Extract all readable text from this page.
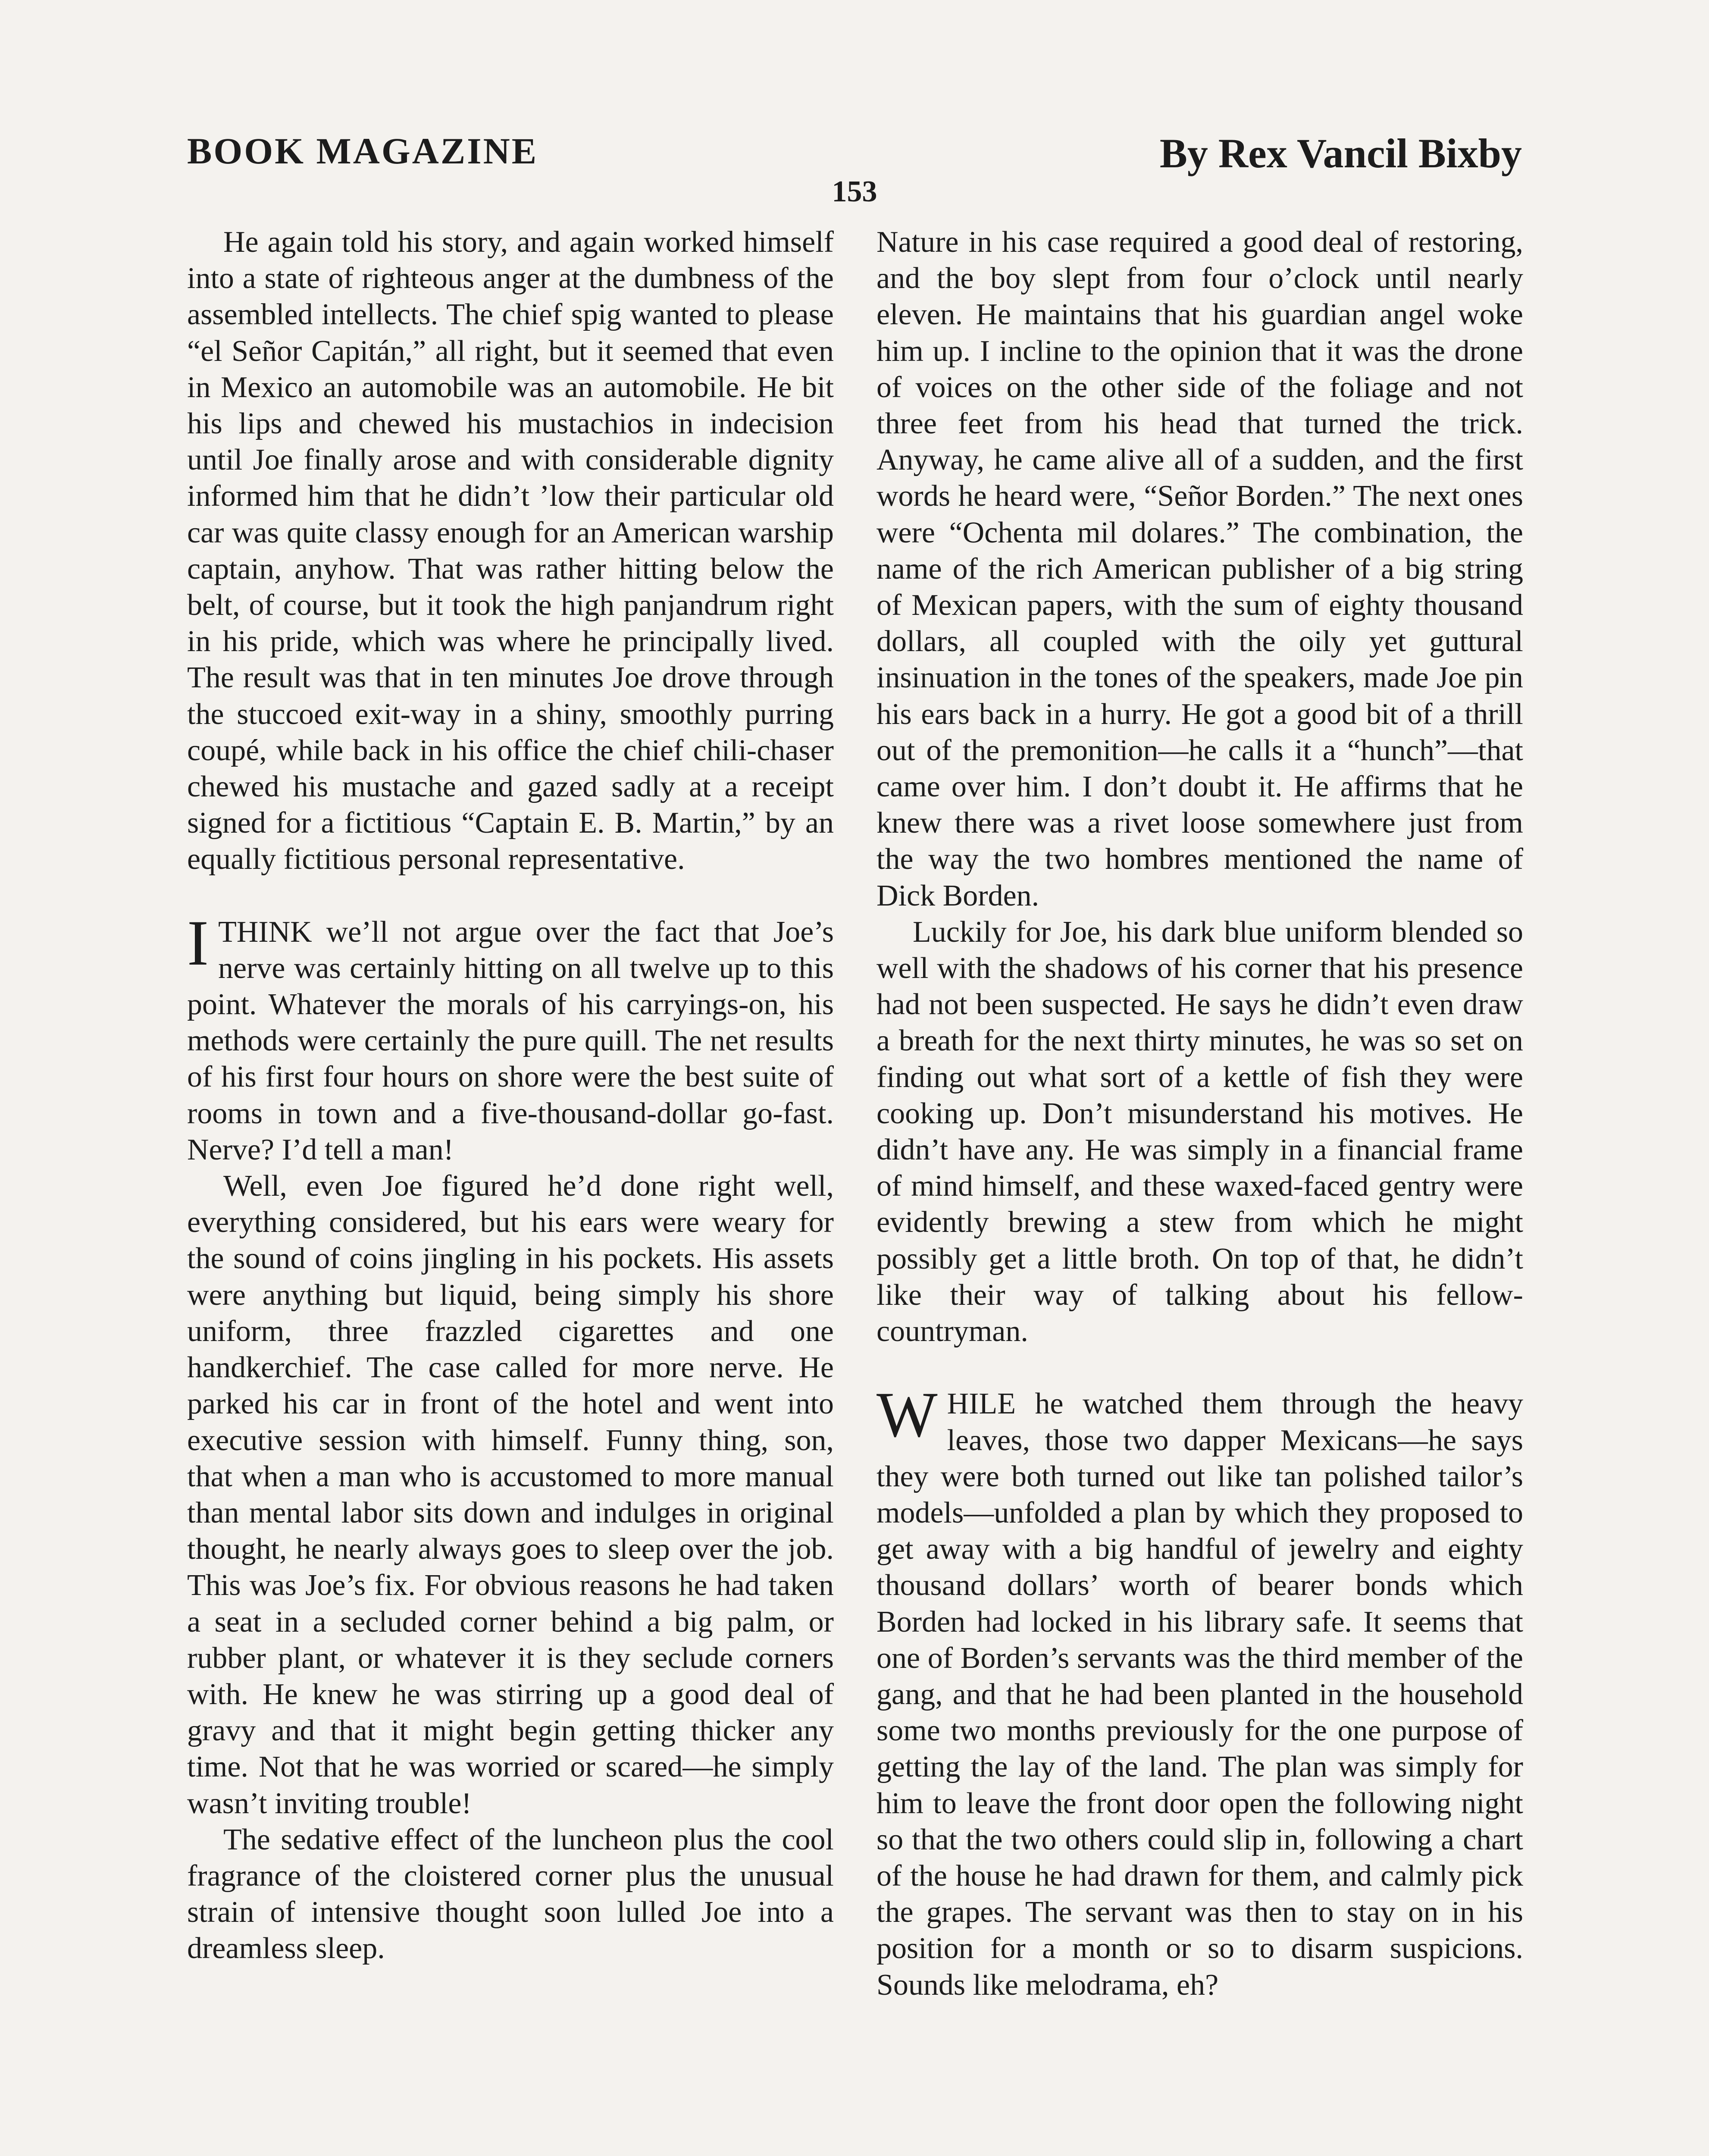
BOOK MAGAZINE	By Rex Vancil Bixby
153

He again told his story, and again worked himself into a state of righteous anger at the dumbness of the assembled intellects. The chief spig wanted to please “el Señor Capitán,” all right, but it seemed that even in Mexico an automobile was an automobile. He bit his lips and chewed his mustachios in indecision until Joe finally arose and with considerable dignity informed him that he didn’t ’low their particular old car was quite classy enough for an American warship captain, anyhow. That was rather hitting below the belt, of course, but it took the high panjandrum right in his pride, which was where he principally lived. The result was that in ten minutes Joe drove through the stuccoed exit-way in a shiny, smoothly purring coupé, while back in his office the chief chili-chaser chewed his mustache and gazed sadly at a receipt signed for a fictitious “Captain E. B. Martin,” by an equally fictitious personal representative.

ITHINK we’ll not argue over the fact that Joe’s nerve was certainly hitting on all twelve up to this point. Whatever the morals of his carryings-on, his methods were certainly the pure quill. The net results of his first four hours on shore were the best suite of rooms in town and a five-thousand-dollar go-fast. Nerve? I’d tell a man!

Well, even Joe figured he’d done right well, everything considered, but his ears were weary for the sound of coins jingling in his pockets. His assets were anything but liquid, being simply his shore uniform, three frazzled cigarettes and one handkerchief. The case called for more nerve. He parked his car in front of the hotel and went into executive session with himself. Funny thing, son, that when a man who is accustomed to more manual than mental labor sits down and indulges in original thought, he nearly always goes to sleep over the job. This was Joe’s fix. For obvious reasons he had taken a seat in a secluded corner behind a big palm, or rubber plant, or whatever it is they seclude corners with. He knew he was stirring up a good deal of gravy and that it might begin getting thicker any time. Not that he was worried or scared—he simply wasn’t inviting trouble!

The sedative effect of the luncheon plus the cool fragrance of the cloistered corner plus the unusual strain of intensive thought soon lulled Joe into a dreamless sleep.

Nature in his case required a good deal of restoring, and the boy slept from four o’clock until nearly eleven. He maintains that his guardian angel woke him up. I incline to the opinion that it was the drone of voices on the other side of the foliage and not three feet from his head that turned the trick. Anyway, he came alive all of a sudden, and the first words he heard were, “Señor Borden.” The next ones were “Ochenta mil dolares.” The combination, the name of the rich American publisher of a big string of Mexican papers, with the sum of eighty thousand dollars, all coupled with the oily yet guttural insinuation in the tones of the speakers, made Joe pin his ears back in a hurry. He got a good bit of a thrill out of the premonition—he calls it a “hunch”—that came over him. I don’t doubt it. He affirms that he knew there was a rivet loose somewhere just from the way the two hombres mentioned the name of Dick Borden.

Luckily for Joe, his dark blue uniform blended so well with the shadows of his corner that his presence had not been suspected. He says he didn’t even draw a breath for the next thirty minutes, he was so set on finding out what sort of a kettle of fish they were cooking up. Don’t misunderstand his motives. He didn’t have any. He was simply in a financial frame of mind himself, and these waxed-faced gentry were evidently brewing a stew from which he might possibly get a little broth. On top of that, he didn’t like their way of talking about his fellow-countryman.

WHILE he watched them through the heavy leaves, those two dapper Mexicans—he says they were both turned out like tan polished tailor’s models—unfolded a plan by which they proposed to get away with a big handful of jewelry and eighty thousand dollars’ worth of bearer bonds which Borden had locked in his library safe. It seems that one of Borden’s servants was the third member of the gang, and that he had been planted in the household some two months previously for the one purpose of getting the lay of the land. The plan was simply for him to leave the front door open the following night so that the two others could slip in, following a chart of the house he had drawn for them, and calmly pick the grapes. The servant was then to stay on in his position for a month or so to disarm suspicions. Sounds like melodrama, eh?
